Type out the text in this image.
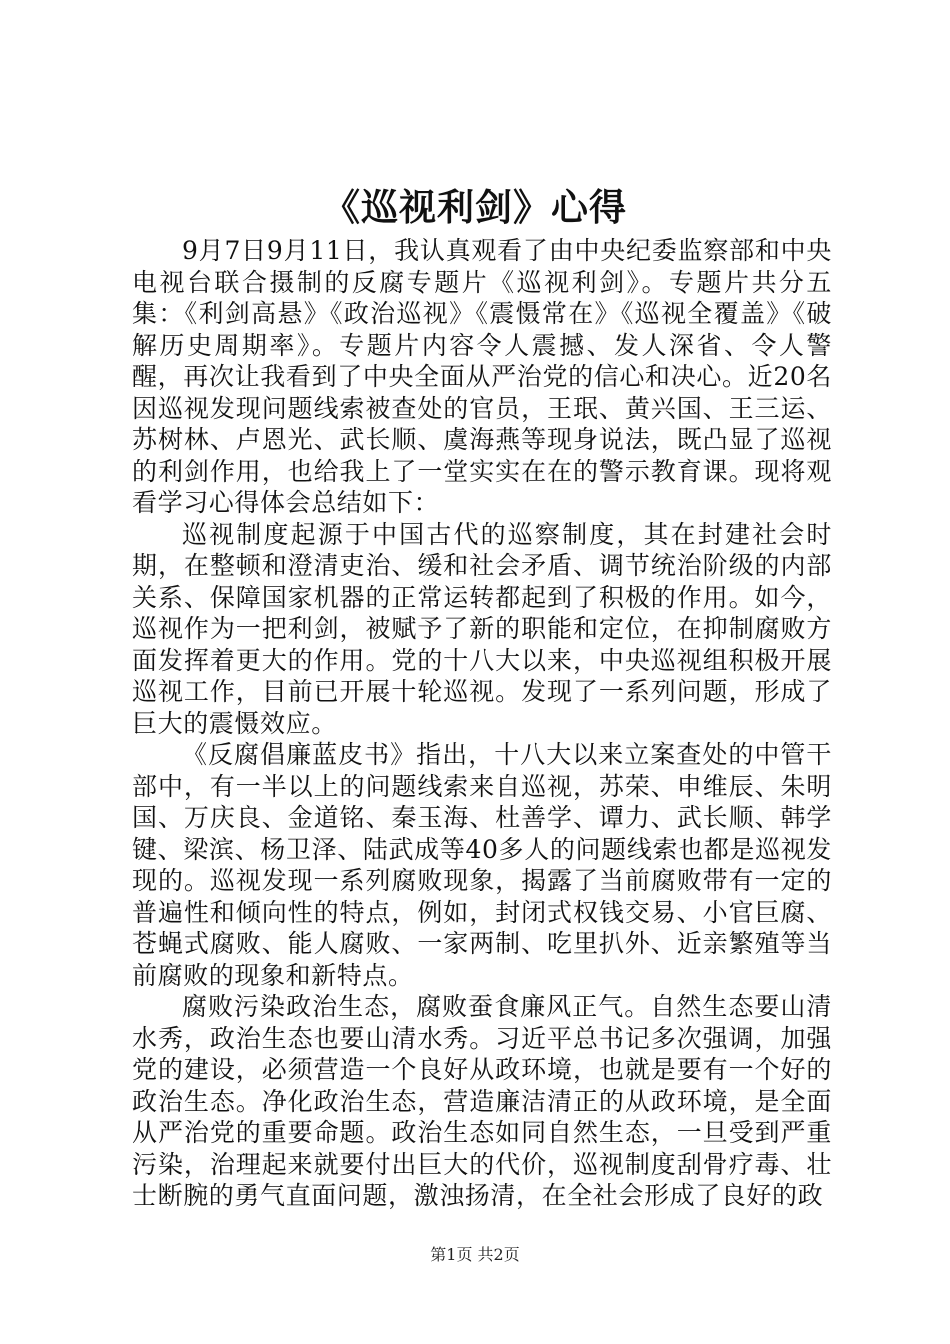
《巡视利剑》心得

9月7日9月11日，我认真观看了由中央纪委监察部和中央电视台联合摄制的反腐专题片《巡视利剑》。专题片共分五集：《利剑高悬》《政治巡视》《震慑常在》《巡视全覆盖》《破解历史周期率》。专题片内容令人震撼、发人深省、令人警醒，再次让我看到了中央全面从严治党的信心和决心。近20名因巡视发现问题线索被查处的官员，王珉、黄兴国、王三运、苏树林、卢恩光、武长顺、虞海燕等现身说法，既凸显了巡视的利剑作用，也给我上了一堂实实在在的警示教育课。现将观看学习心得体会总结如下：

巡视制度起源于中国古代的巡察制度，其在封建社会时期，在整顿和澄清吏治、缓和社会矛盾、调节统治阶级的内部关系、保障国家机器的正常运转都起到了积极的作用。如今，巡视作为一把利剑，被赋予了新的职能和定位，在抑制腐败方面发挥着更大的作用。党的十八大以来，中央巡视组积极开展巡视工作，目前已开展十轮巡视。发现了一系列问题，形成了巨大的震慑效应。

《反腐倡廉蓝皮书》指出，十八大以来立案查处的中管干部中，有一半以上的问题线索来自巡视，苏荣、申维辰、朱明国、万庆良、金道铭、秦玉海、杜善学、谭力、武长顺、韩学键、梁滨、杨卫泽、陆武成等40多人的问题线索也都是巡视发现的。巡视发现一系列腐败现象，揭露了当前腐败带有一定的普遍性和倾向性的特点，例如，封闭式权钱交易、小官巨腐、苍蝇式腐败、能人腐败、一家两制、吃里扒外、近亲繁殖等当前腐败的现象和新特点。

腐败污染政治生态，腐败蚕食廉风正气。自然生态要山清水秀，政治生态也要山清水秀。习近平总书记多次强调，加强党的建设，必须营造一个良好从政环境，也就是要有一个好的政治生态。净化政治生态，营造廉洁清正的从政环境，是全面从严治党的重要命题。政治生态如同自然生态，一旦受到严重污染，治理起来就要付出巨大的代价，巡视制度刮骨疗毒、壮士断腕的勇气直面问题，激浊扬清，在全社会形成了良好的政

第1页 共2页
